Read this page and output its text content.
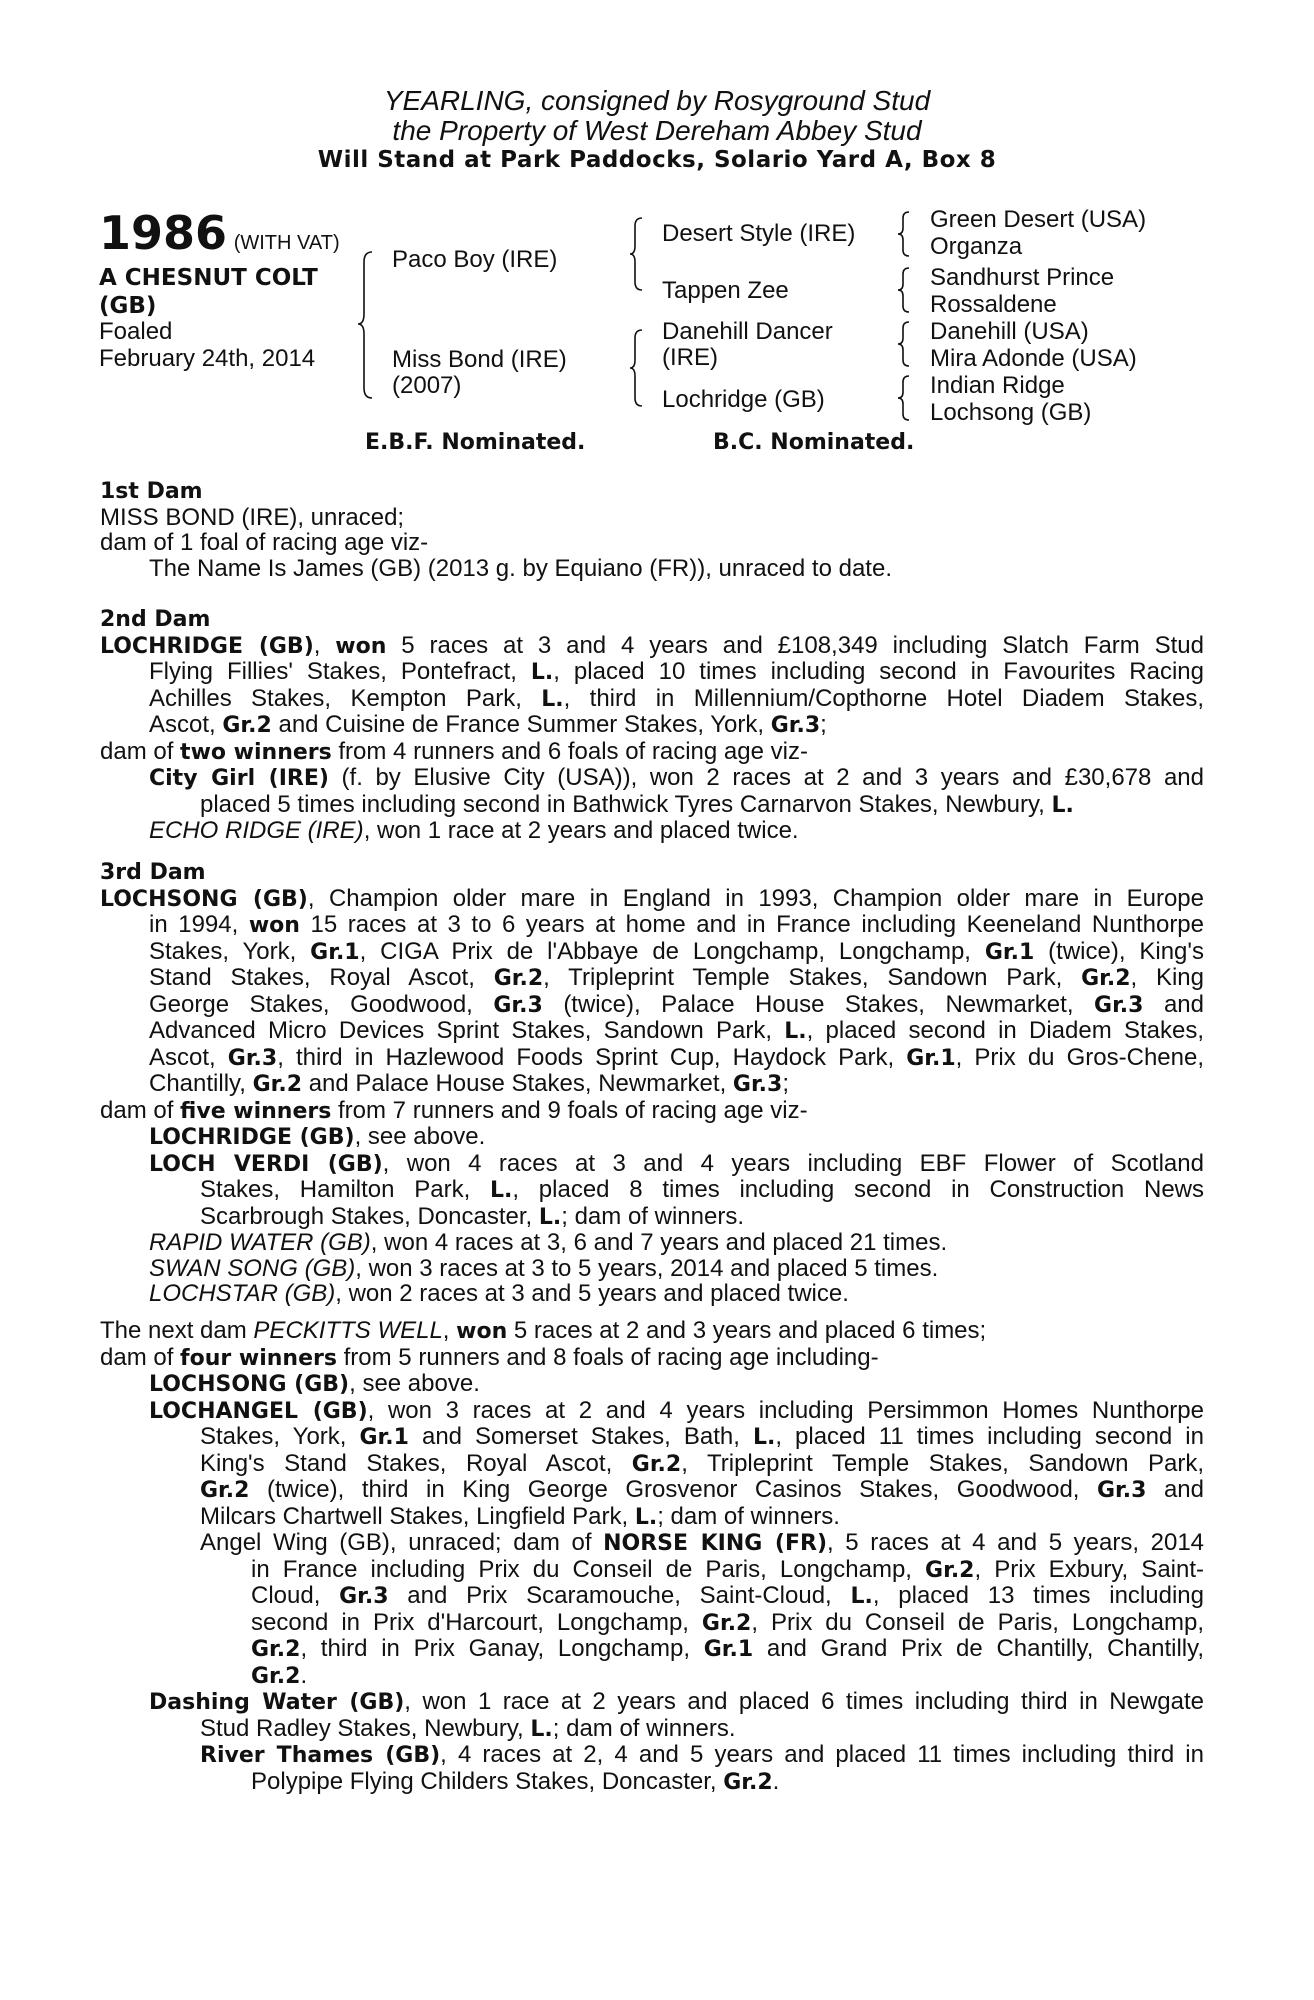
YEARLING, consigned by Rosyground Stud
the Property of West Dereham Abbey Stud
Will Stand at Park Paddocks, Solario Yard A, Box 8
1986 (WITH VAT)
A CHESNUT COLT
(GB)
Foaled
February 24th, 2014
Paco Boy (IRE)
Miss Bond (IRE)
(2007)
Desert Style (IRE)
Tappen Zee
Danehill Dancer
(IRE)
Lochridge (GB)
Green Desert (USA)
Organza
Sandhurst Prince
Rossaldene
Danehill (USA)
Mira Adonde (USA)
Indian Ridge
Lochsong (GB)
E.B.F. Nominated.	B.C. Nominated.
1st Dam
MISS BOND (IRE), unraced;
dam of 1 foal of racing age viz-
The Name Is James (GB) (2013 g. by Equiano (FR)), unraced to date.
2nd Dam
LOCHRIDGE (GB), won 5 races at 3 and 4 years and £108,349 including Slatch Farm Stud
Flying Fillies' Stakes, Pontefract, L., placed 10 times including second in Favourites Racing
Achilles Stakes, Kempton Park, L., third in Millennium/Copthorne Hotel Diadem Stakes,
Ascot, Gr.2 and Cuisine de France Summer Stakes, York, Gr.3;
dam of two winners from 4 runners and 6 foals of racing age viz-
City Girl (IRE) (f. by Elusive City (USA)), won 2 races at 2 and 3 years and £30,678 and
placed 5 times including second in Bathwick Tyres Carnarvon Stakes, Newbury, L.
ECHO RIDGE (IRE), won 1 race at 2 years and placed twice.
3rd Dam
LOCHSONG (GB), Champion older mare in England in 1993, Champion older mare in Europe
in 1994, won 15 races at 3 to 6 years at home and in France including Keeneland Nunthorpe
Stakes, York, Gr.1, CIGA Prix de l'Abbaye de Longchamp, Longchamp, Gr.1 (twice), King's
Stand Stakes, Royal Ascot, Gr.2, Tripleprint Temple Stakes, Sandown Park, Gr.2, King
George Stakes, Goodwood, Gr.3 (twice), Palace House Stakes, Newmarket, Gr.3 and
Advanced Micro Devices Sprint Stakes, Sandown Park, L., placed second in Diadem Stakes,
Ascot, Gr.3, third in Hazlewood Foods Sprint Cup, Haydock Park, Gr.1, Prix du Gros-Chene,
Chantilly, Gr.2 and Palace House Stakes, Newmarket, Gr.3;
dam of five winners from 7 runners and 9 foals of racing age viz-
LOCHRIDGE (GB), see above.
LOCH VERDI (GB), won 4 races at 3 and 4 years including EBF Flower of Scotland
Stakes, Hamilton Park, L., placed 8 times including second in Construction News
Scarbrough Stakes, Doncaster, L.; dam of winners.
RAPID WATER (GB), won 4 races at 3, 6 and 7 years and placed 21 times.
SWAN SONG (GB), won 3 races at 3 to 5 years, 2014 and placed 5 times.
LOCHSTAR (GB), won 2 races at 3 and 5 years and placed twice.
The next dam PECKITTS WELL, won 5 races at 2 and 3 years and placed 6 times;
dam of four winners from 5 runners and 8 foals of racing age including-
LOCHSONG (GB), see above.
LOCHANGEL (GB), won 3 races at 2 and 4 years including Persimmon Homes Nunthorpe
Stakes, York, Gr.1 and Somerset Stakes, Bath, L., placed 11 times including second in
King's Stand Stakes, Royal Ascot, Gr.2, Tripleprint Temple Stakes, Sandown Park,
Gr.2 (twice), third in King George Grosvenor Casinos Stakes, Goodwood, Gr.3 and
Milcars Chartwell Stakes, Lingfield Park, L.; dam of winners.
Angel Wing (GB), unraced; dam of NORSE KING (FR), 5 races at 4 and 5 years, 2014
in France including Prix du Conseil de Paris, Longchamp, Gr.2, Prix Exbury, Saint-
Cloud, Gr.3 and Prix Scaramouche, Saint-Cloud, L., placed 13 times including
second in Prix d'Harcourt, Longchamp, Gr.2, Prix du Conseil de Paris, Longchamp,
Gr.2, third in Prix Ganay, Longchamp, Gr.1 and Grand Prix de Chantilly, Chantilly,
Gr.2.
Dashing Water (GB), won 1 race at 2 years and placed 6 times including third in Newgate
Stud Radley Stakes, Newbury, L.; dam of winners.
River Thames (GB), 4 races at 2, 4 and 5 years and placed 11 times including third in
Polypipe Flying Childers Stakes, Doncaster, Gr.2.
